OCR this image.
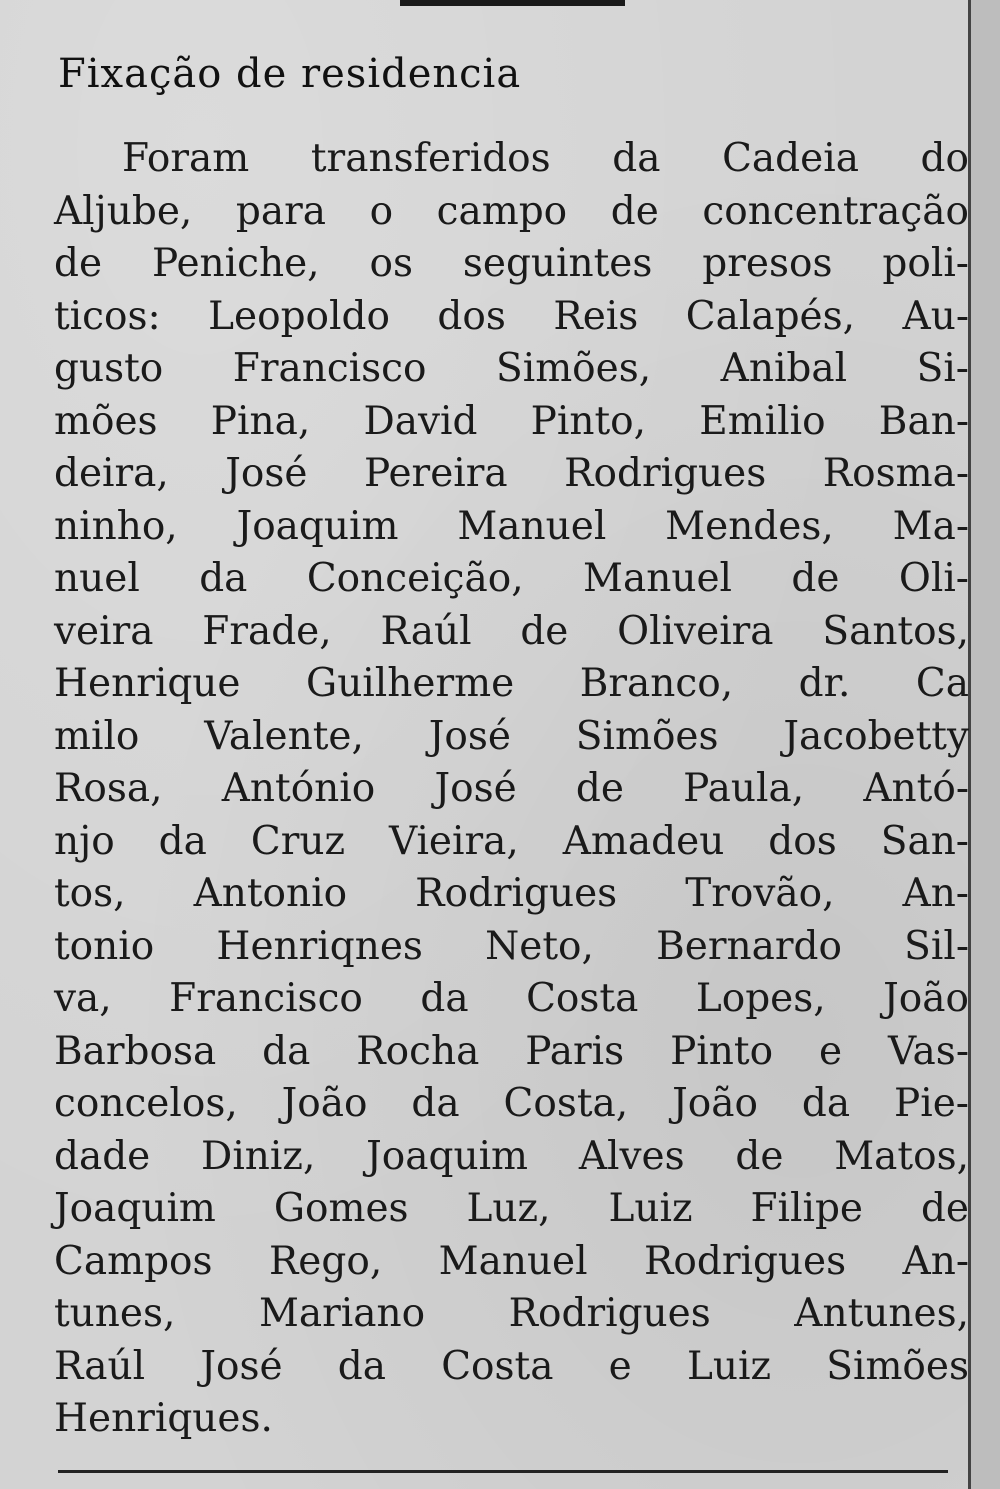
Fixação de residencia
Foram transferidos da Cadeia do
Aljube, para o campo de concentração
de Peniche, os seguintes presos poli-
ticos: Leopoldo dos Reis Calapés, Au-
gusto Francisco Simões, Anibal Si-
mões Pina, David Pinto, Emilio Ban-
deira, José Pereira Rodrigues Rosma-
ninho, Joaquim Manuel Mendes, Ma-
nuel da Conceição, Manuel de Oli-
veira Frade, Raúl de Oliveira Santos,
Henrique Guilherme Branco, dr. Ca
milo Valente, José Simões Jacobetty
Rosa, António José de Paula, Antó-
njo da Cruz Vieira, Amadeu dos San-
tos, Antonio Rodrigues Trovão, An-
tonio Henriqnes Neto, Bernardo Sil-
va, Francisco da Costa Lopes, João
Barbosa da Rocha Paris Pinto e Vas-
concelos, João da Costa, João da Pie-
dade Diniz, Joaquim Alves de Matos,
Joaquim Gomes Luz, Luiz Filipe de
Campos Rego, Manuel Rodrigues An-
tunes, Mariano Rodrigues Antunes,
Raúl José da Costa e Luiz Simões
Henriques.
